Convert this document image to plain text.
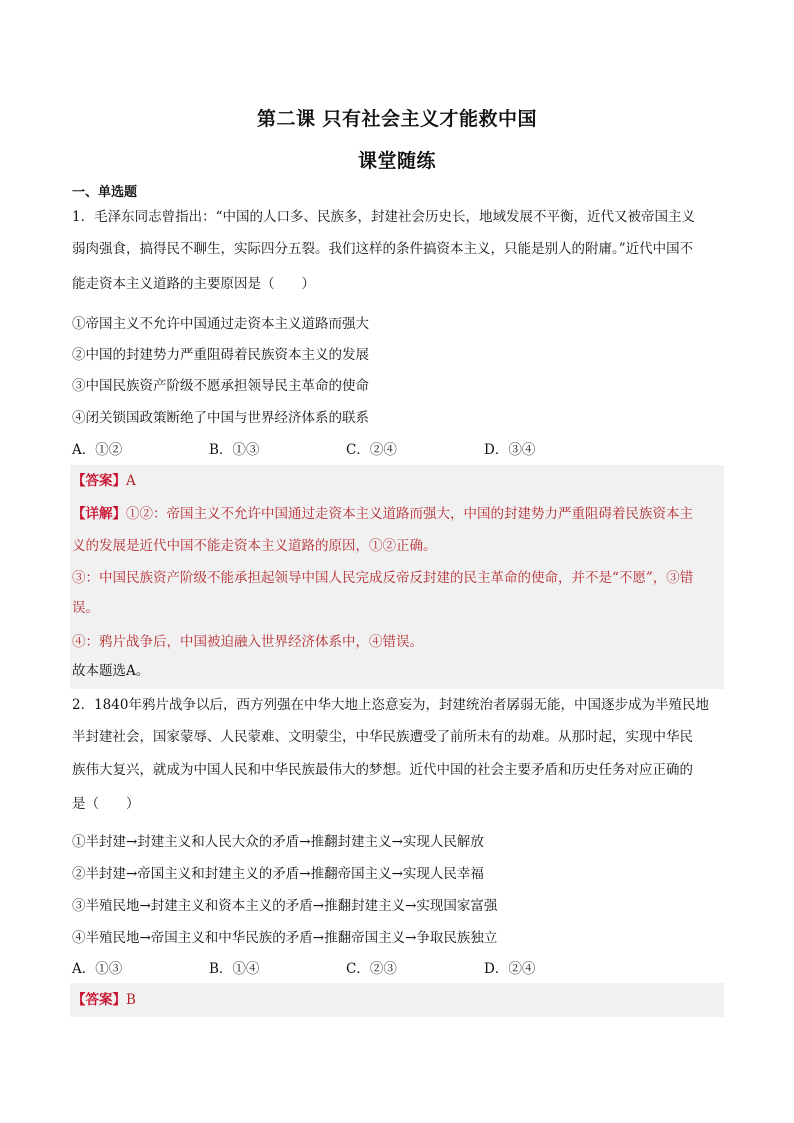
第二课 只有社会主义才能救中国
课堂随练
一、单选题
1．毛泽东同志曾指出：“中国的人口多、民族多，封建社会历史长，地域发展不平衡，近代又被帝国主义
弱肉强食，搞得民不聊生，实际四分五裂。我们这样的条件搞资本主义，只能是别人的附庸。”近代中国不
能走资本主义道路的主要原因是（　　）
①帝国主义不允许中国通过走资本主义道路而强大
②中国的封建势力严重阻碍着民族资本主义的发展
③中国民族资产阶级不愿承担领导民主革命的使命
④闭关锁国政策断绝了中国与世界经济体系的联系
A．①②	B．①③	C．②④	D．③④
【答案】A
【详解】①②：帝国主义不允许中国通过走资本主义道路而强大，中国的封建势力严重阻碍着民族资本主
义的发展是近代中国不能走资本主义道路的原因，①②正确。
③：中国民族资产阶级不能承担起领导中国人民完成反帝反封建的民主革命的使命，并不是“不愿”，③错
误。
④：鸦片战争后，中国被迫融入世界经济体系中，④错误。
故本题选A。
2．1840年鸦片战争以后，西方列强在中华大地上恣意妄为，封建统治者孱弱无能，中国逐步成为半殖民地
半封建社会，国家蒙辱、人民蒙难、文明蒙尘，中华民族遭受了前所未有的劫难。从那时起，实现中华民
族伟大复兴，就成为中国人民和中华民族最伟大的梦想。近代中国的社会主要矛盾和历史任务对应正确的
是（　　）
①半封建→封建主义和人民大众的矛盾→推翻封建主义→实现人民解放
②半封建→帝国主义和封建主义的矛盾→推翻帝国主义→实现人民幸福
③半殖民地→封建主义和资本主义的矛盾→推翻封建主义→实现国家富强
④半殖民地→帝国主义和中华民族的矛盾→推翻帝国主义→争取民族独立
A．①③	B．①④	C．②③	D．②④
【答案】B
